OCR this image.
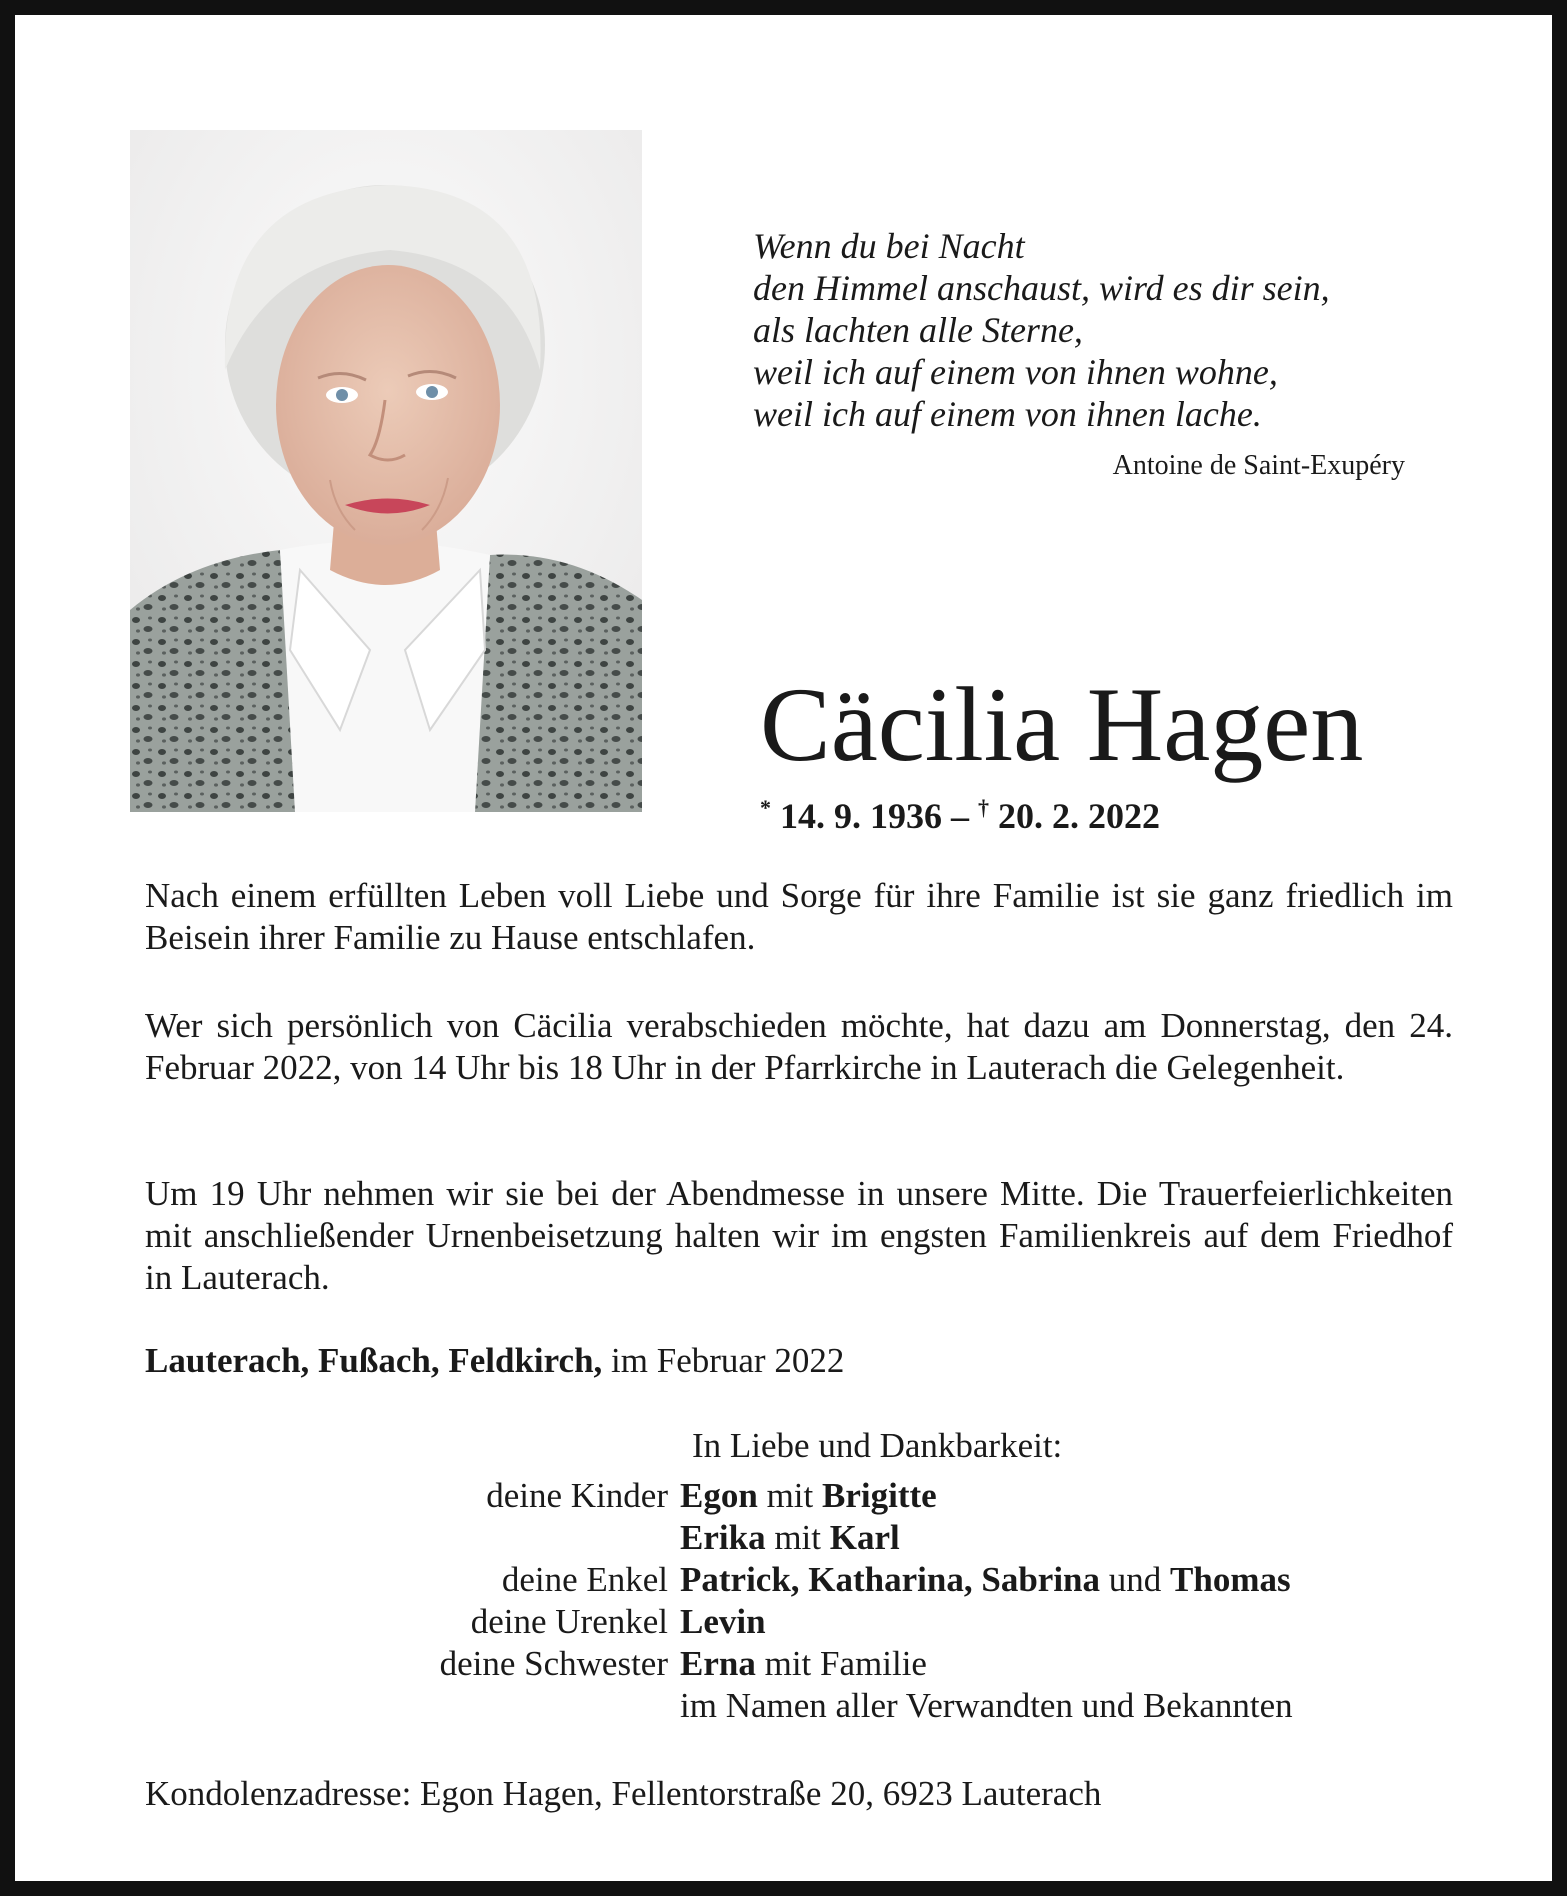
Wenn du bei Nacht
den Himmel anschaust, wird es dir sein,
als lachten alle Sterne,
weil ich auf einem von ihnen wohne,
weil ich auf einem von ihnen lache.
Antoine de Saint-Exupéry
Cäcilia Hagen
* 14. 9. 1936 – † 20. 2. 2022

Nach einem erfüllten Leben voll Liebe und Sorge für ihre Familie ist sie ganz friedlich im Beisein ihrer Familie zu Hause entschlafen.

Wer sich persönlich von Cäcilia verabschieden möchte, hat dazu am Donnerstag, den 24. Februar 2022, von 14 Uhr bis 18 Uhr in der Pfarrkirche in Lauterach die Gelegenheit.

Um 19 Uhr nehmen wir sie bei der Abendmesse in unsere Mitte. Die Trauerfeierlichkeiten mit anschließender Urnenbeisetzung halten wir im engsten Familienkreis auf dem Friedhof in Lauterach.

Lauterach, Fußach, Feldkirch, im Februar 2022
In Liebe und Dankbarkeit:
deine Kinder Egon mit Brigitte
Erika mit Karl
deine Enkel Patrick, Katharina, Sabrina und Thomas
deine Urenkel Levin
deine Schwester Erna mit Familie
im Namen aller Verwandten und Bekannten
Kondolenzadresse: Egon Hagen, Fellentorstraße 20, 6923 Lauterach
